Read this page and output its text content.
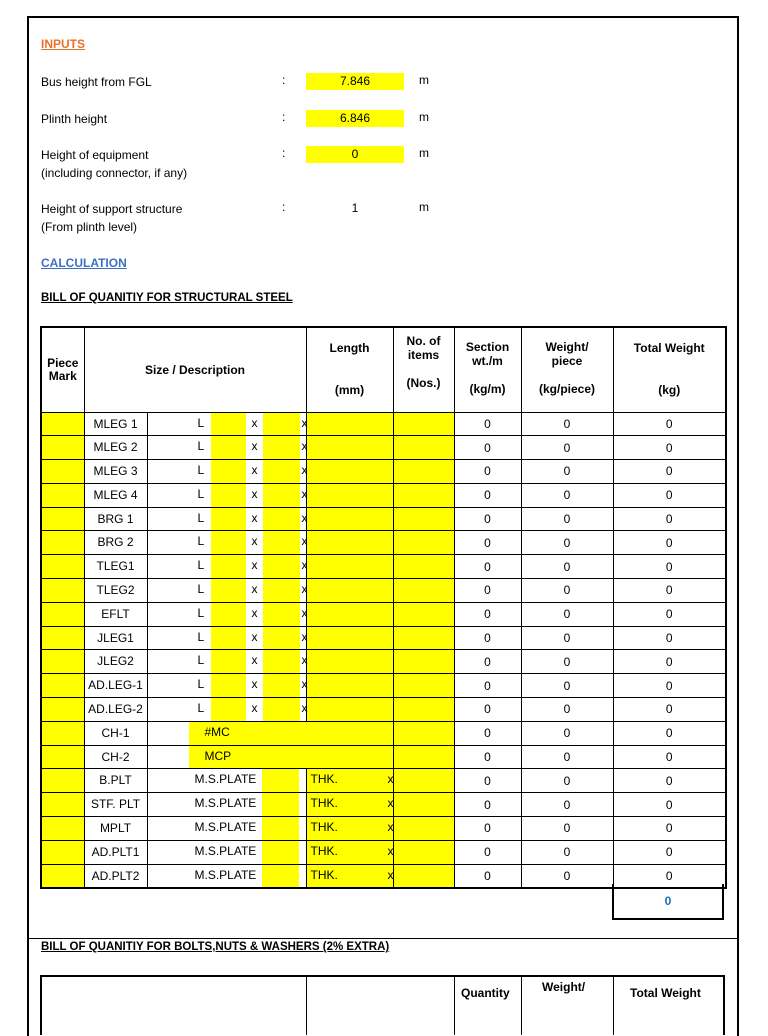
INPUTS
Bus height from FGL	:	7.846	m
Plinth height	:	6.846	m
Height of equipment
(including connector, if any)
:	0	m
Height of support structure
(From plinth level)
:	1	m
CALCULATION
BILL OF QUANITIY FOR STRUCTURAL STEEL
Piece
Mark	Size / Description	Length

(mm)	No. of
items

(Nos.)	Section
wt./m

(kg/m)	Weight/
piece

(kg/piece)	Total Weight

(kg)

	MLEG 1 L x x			0	0	0

	MLEG 2 L x x			0	0	0

	MLEG 3 L x x			0	0	0

	MLEG 4 L x x			0	0	0

	BRG 1 L x x			0	0	0

	BRG 2 L x x			0	0	0

	TLEG1 L x x			0	0	0

	TLEG2 L x x			0	0	0

	EFLT L x x			0	0	0

	JLEG1 L x x			0	0	0

	JLEG2 L x x			0	0	0

	AD.LEG-1 L x x			0	0	0

	AD.LEG-2 L x x			0	0	0

	CH-1 #MC			0	0	0

	CH-2 MCP			0	0	0

	B.PLT M.S.PLATE THK. x			0	0	0

	STF. PLT M.S.PLATE THK. x			0	0	0

	MPLT M.S.PLATE THK. x			0	0	0

	AD.PLT1 M.S.PLATE THK. x			0	0	0

	AD.PLT2 M.S.PLATE THK. x			0	0	0
0
BILL OF QUANITIY FOR BOLTS,NUTS & WASHERS (2% EXTRA)
Quantity	Weight/	Total Weight
